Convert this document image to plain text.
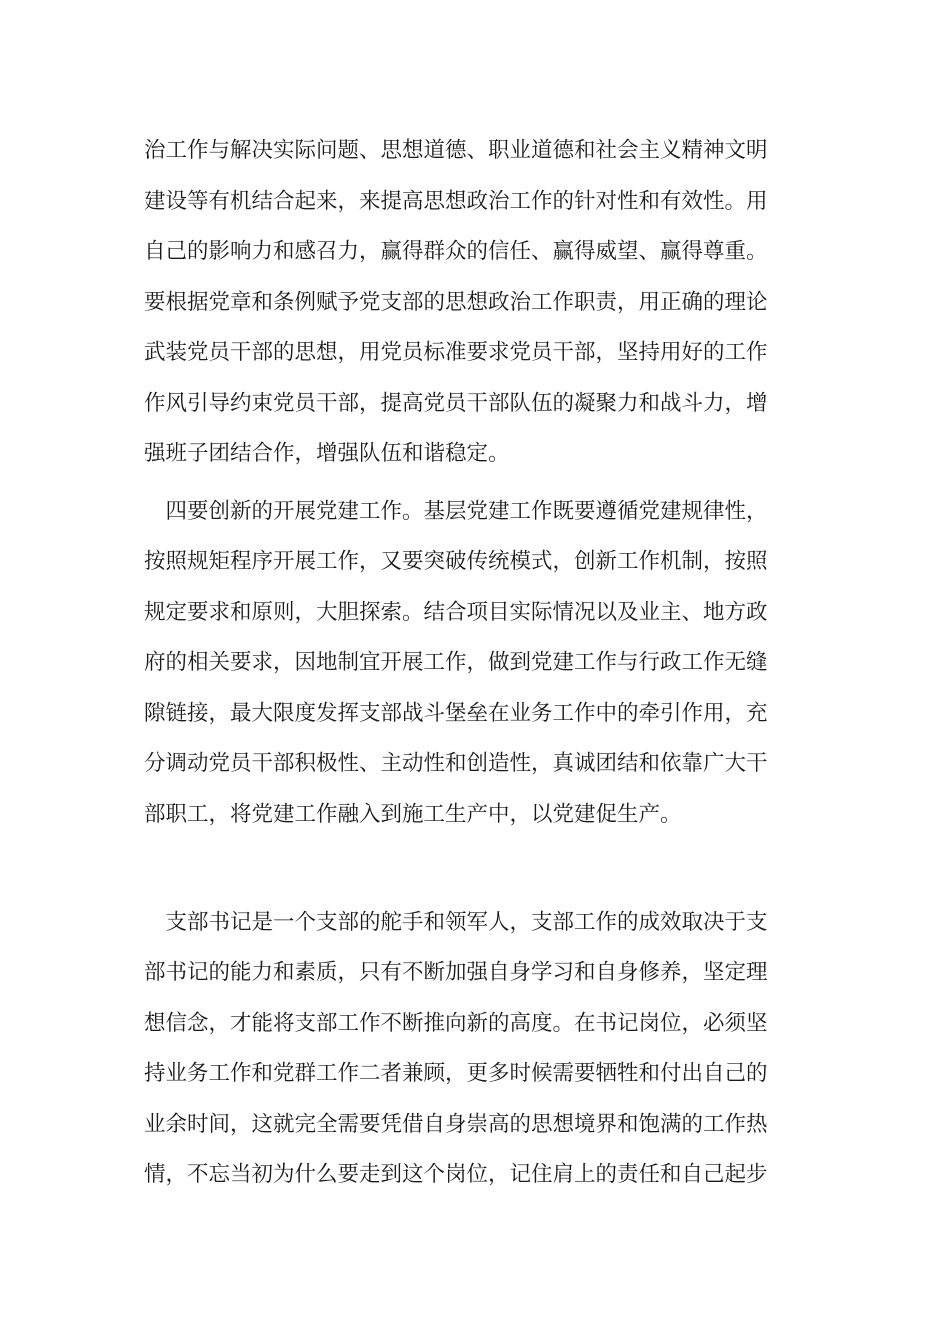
治工作与解决实际问题、思想道德、职业道德和社会主义精神文明
建设等有机结合起来，来提高思想政治工作的针对性和有效性。用
自己的影响力和感召力，赢得群众的信任、赢得威望、赢得尊重。
要根据党章和条例赋予党支部的思想政治工作职责，用正确的理论
武装党员干部的思想，用党员标准要求党员干部，坚持用好的工作
作风引导约束党员干部，提高党员干部队伍的凝聚力和战斗力，增
强班子团结合作，增强队伍和谐稳定。
　四要创新的开展党建工作。基层党建工作既要遵循党建规律性，
按照规矩程序开展工作，又要突破传统模式，创新工作机制，按照
规定要求和原则，大胆探索。结合项目实际情况以及业主、地方政
府的相关要求，因地制宜开展工作，做到党建工作与行政工作无缝
隙链接，最大限度发挥支部战斗堡垒在业务工作中的牵引作用，充
分调动党员干部积极性、主动性和创造性，真诚团结和依靠广大干
部职工，将党建工作融入到施工生产中，以党建促生产。
　支部书记是一个支部的舵手和领军人，支部工作的成效取决于支
部书记的能力和素质，只有不断加强自身学习和自身修养，坚定理
想信念，才能将支部工作不断推向新的高度。在书记岗位，必须坚
持业务工作和党群工作二者兼顾，更多时候需要牺牲和付出自己的
业余时间，这就完全需要凭借自身崇高的思想境界和饱满的工作热
情，不忘当初为什么要走到这个岗位，记住肩上的责任和自己起步
